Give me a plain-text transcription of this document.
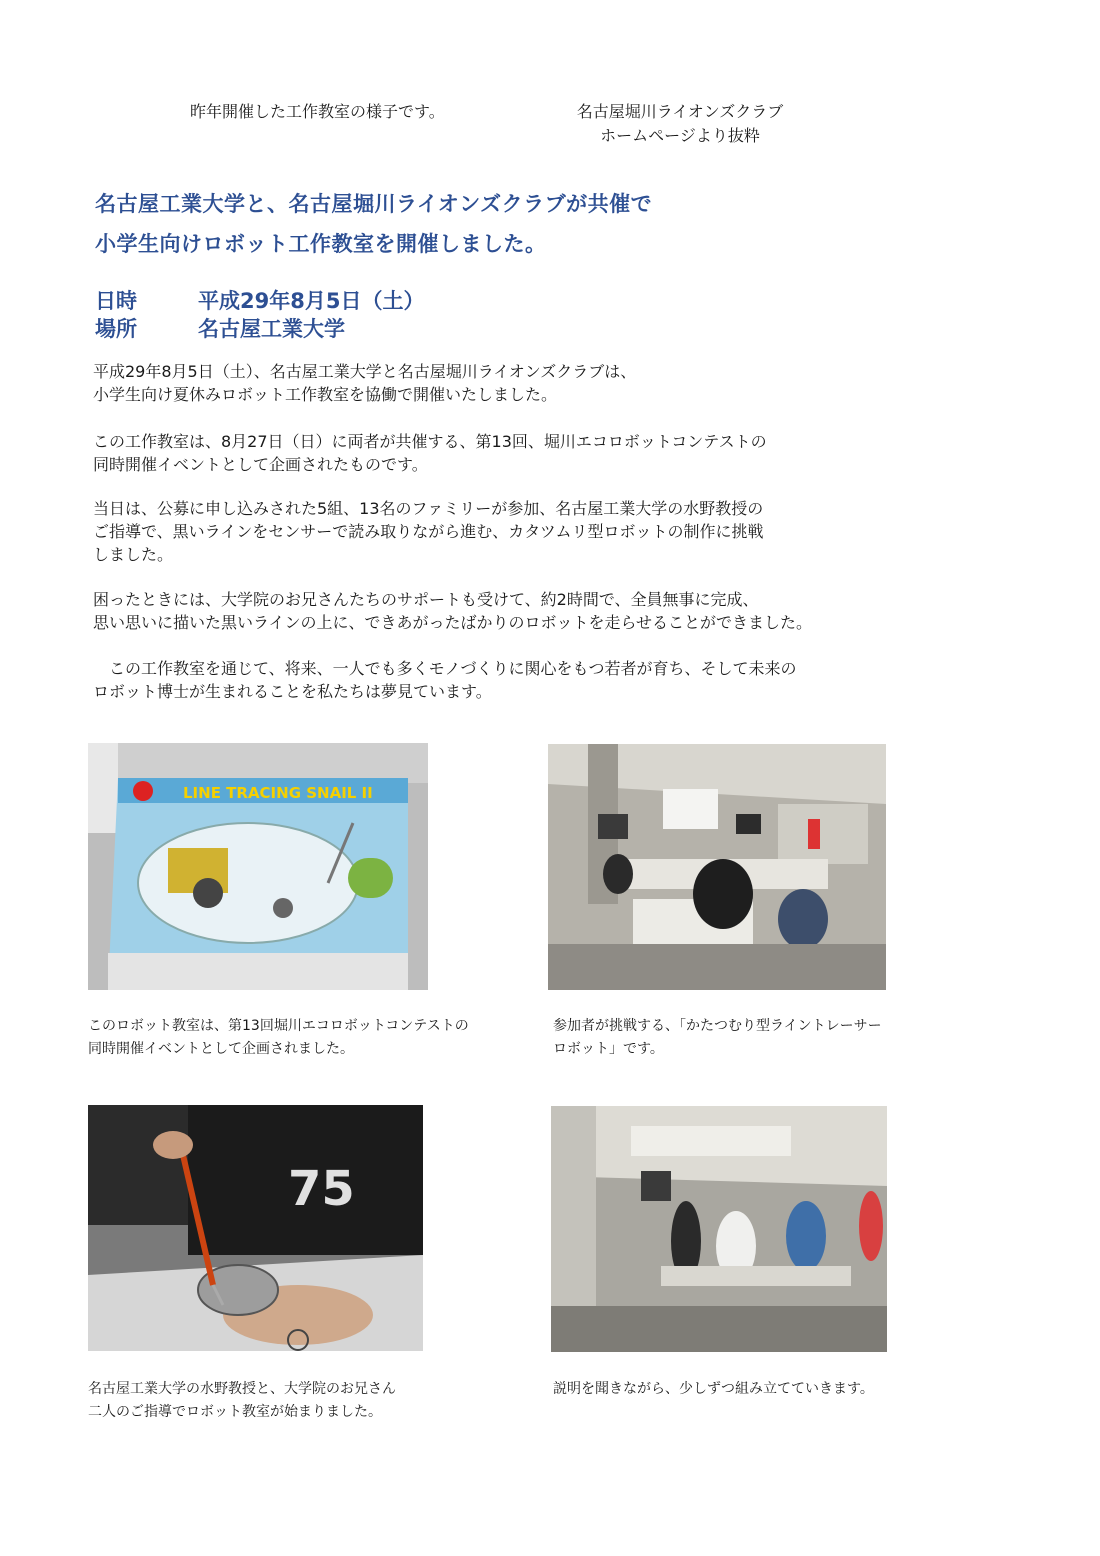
昨年開催した工作教室の様子です。	名古屋堀川ライオンズクラブ
ホームページより抜粋
名古屋工業大学と、名古屋堀川ライオンズクラブが共催で
小学生向けロボット工作教室を開催しました。
日時	平成29年8月5日（土）
場所	名古屋工業大学
平成29年8月5日（土）、名古屋工業大学と名古屋堀川ライオンズクラブは、
小学生向け夏休みロボット工作教室を協働で開催いたしました。
この工作教室は、8月27日（日）に両者が共催する、第13回、堀川エコロボットコンテストの
同時開催イベントとして企画されたものです。
当日は、公募に申し込みされた5組、13名のファミリーが参加、名古屋工業大学の水野教授の
ご指導で、黒いラインをセンサーで読み取りながら進む、カタツムリ型ロボットの制作に挑戦
しました。
困ったときには、大学院のお兄さんたちのサポートも受けて、約2時間で、全員無事に完成、
思い思いに描いた黒いラインの上に、できあがったばかりのロボットを走らせることができました。
　この工作教室を通じて、将来、一人でも多くモノづくりに関心をもつ若者が育ち、そして未来の
ロボット博士が生まれることを私たちは夢見ています。
LINE TRACING SNAIL II
このロボット教室は、第13回堀川エコロボットコンテストの
同時開催イベントとして企画されました。
参加者が挑戦する、「かたつむり型ライントレーサー
ロボット」です。
75
名古屋工業大学の水野教授と、大学院のお兄さん
二人のご指導でロボット教室が始まりました。
説明を聞きながら、少しずつ組み立てていきます。
